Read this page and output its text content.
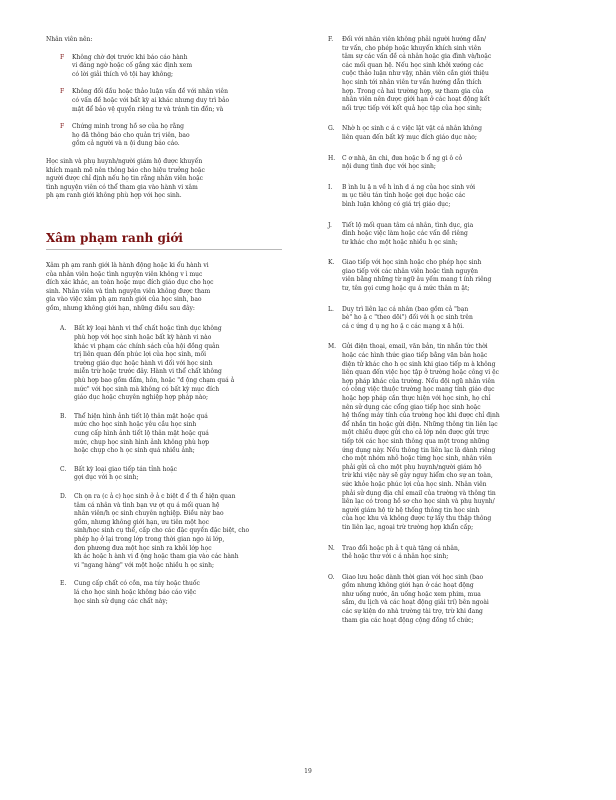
Nhân viên nên:

F	Không chờ đợi trước khi báo cáo hành
vi đáng ngờ hoặc cố gắng xác định xem
có lời giải thích vô tội hay không;

F	Không đối đầu hoặc thảo luận vấn đề với nhân viên
có vấn đề hoặc với bất kỳ ai khác nhưng duy trì bảo
mật để bảo vệ quyền riêng tư và tránh tin đồn; và

F	Chứng minh trong hồ sơ của họ rằng
họ đã thông báo cho quản trị viên, bao
gồm cả người và n ội dung báo cáo.

Học sinh và phụ huynh/người giám hộ được khuyến
khích mạnh mẽ nên thông báo cho hiệu trưởng hoặc
người được chỉ định nếu họ tin rằng nhân viên hoặc
tình nguyện viên có thể tham gia vào hành vi xâm
ph ạm ranh giới không phù hợp với học sinh.

Xâm phạm ranh giới

Xâm ph ạm ranh giới là hành động hoặc ki ểu hành vi
của nhân viên hoặc tình nguyện viên không v ì mục
đích xác khác, an toàn hoặc mục đích giáo dục cho học
sinh. Nhân viên và tình nguyện viên không được tham
gia vào việc xâm ph ạm ranh giới của học sinh, bao
gồm, nhưng không giới hạn, những điều sau đây:

A.	Bất kỳ loại hành vi thể chất hoặc tình dục không
phù hợp với học sinh hoặc bất kỳ hành vi nào
khác vi phạm các chính sách của hội đồng quản
trị liên quan đến phúc lợi của học sinh, mối
trường giáo dục hoặc hành vi đối với học sinh
miễn trừ hoặc trước đây. Hành vi thể chất không
phù hợp bao gồm đấm, hôn, hoặc "đ ộng chạm quá ả
mức" với học sinh mà không có bất kỳ mục đích
giáo dục hoặc chuyên nghiệp hợp pháp nào;

B.	Thể hiện hình ảnh tiết lộ thân mật hoặc quá
mức cho học sinh hoặc yêu cầu học sinh
cung cấp hình ảnh tiết lộ thân mật hoặc quá
mức, chụp học sinh hình ảnh không phù hợp
hoặc chụp cho h ọc sinh quá nhiều ảnh;

C.	Bất kỳ loại giao tiếp tán tỉnh hoặc
gợi dục với h ọc sinh;

D.	Ch ọn ra (c ả c) học sinh ở ả c biệt đ ể th ể hiện quan
tâm cá nhân và tình bạn vư ợt qu á mối quan hệ
nhân viên/h ọc sinh chuyên nghiệp. Điều này bao
gồm, nhưng không giới hạn, ưu tiên một học
sinh/học sinh cụ thể, cấp cho các đặc quyền đặc biệt, cho
phép họ ở lại trong lớp trong thời gian ngo ài lớp,
đơn phương đưa một học sinh ra khỏi lớp học
kh ác hoặc h ành vi đ ộng hoặc tham gia vào các hành
vi "ngang hàng" với một hoặc nhiều h ọc sinh;

E.	Cung cấp chất có cồn, ma túy hoặc thuốc
lá cho học sinh hoặc không báo cáo việc
học sinh sử dụng các chất này;

F.	Đối với nhân viên không phải người hướng dẫn/
tư vấn, cho phép hoặc khuyến khích sinh viên
tâm sự các vấn đề cá nhân hoặc gia đình và/hoặc
các mối quan hệ. Nếu học sinh khởi xướng các
cuộc thảo luận như vậy, nhân viên cần giới thiệu
học sinh tới nhân viên tư vấn hướng dẫn thích
hợp. Trong cả hai trường hợp, sự tham gia của
nhân viên nên được giới hạn ở các hoạt động kết
nối trực tiếp với kết quả học tập của học sinh;

G.	Nhờ h ọc sinh c á c việc lặt vặt cá nhân không
liên quan đến bất kỳ mục đích giáo dục nào;

H.	C ơ nhà, ăn chi, đưa hoặc b ổ ng gi ô cỏ
nội dung tình dục với học sinh;

I.	B ình lu ậ n về h ình d á ng của học sinh với
m ục tiêu tán tỉnh hoặc gợi dục hoặc các
bình luận không có giá trị giáo dục;

J.	Tiết lộ mối quan tâm cá nhân, tình dục, gia
đình hoặc việc làm hoặc các vấn đề riêng
tư khác cho một hoặc nhiều h ọc sinh;

K.	Giao tiếp với học sinh hoặc cho phép học sinh
giao tiếp với các nhân viên hoặc tình nguyện
viên bằng những từ ngữ âu yếm mang t ính riêng
tư, tên gọi cưng hoặc qu á mức thân m ật;

L.	Duy trì liên lạc cá nhân (bao gồm cả "bạn
bè" ho ặ c "theo dõi") đối với h ọc sinh trên
cá c ứng d ụ ng ho ặ c các mạng x ã hội.

M. Gửi điện thoại, email, văn bản, tin nhắn tức thời
hoặc các hình thức giao tiếp bằng văn bản hoặc
điện tử khác cho h ọc sinh khi giao tiếp m à không
liên quan đến việc học tập ở trường hoặc công vi ệc
hợp pháp khác của trường. Nếu đội ngũ nhân viên
có công việc thuộc trường học mang tính giáo dục
hoặc hợp pháp cần thực hiện với học sinh, họ chỉ
nên sử dụng các cổng giao tiếp học sinh hoặc
hệ thống máy tính của trường học khi được chỉ định
để nhắn tin hoặc gửi điện. Những thông tin liên lạc
một chiều được gửi cho cả lớp nên được gửi trực
tiếp tới các học sinh thông qua một trong những
ứng dụng này. Nếu thông tin liên lạc là dành riêng
cho một nhóm nhỏ hoặc từng học sinh, nhân viên
phải gửi cả cho một phụ huynh/người giám hộ
trừ khi việc này sẽ gây nguy hiểm cho sự an toàn,
sức khỏe hoặc phúc lợi của học sinh. Nhân viên
phải sử dụng địa chỉ email của trường và thông tin
liên lạc có trong hồ sơ cho học sinh và phụ huynh/
người giám hộ từ hệ thống thông tin học sinh
của học khu và không được tự lấy thu thập thông
tin liên lạc, ngoại trừ trường hợp khẩn cấp;

N.	Trao đổi hoặc ph ả t quà tặng cá nhân,
thẻ hoặc thư với c á nhân học sinh;

O.	Giao lưu hoặc dành thời gian với học sinh (bao
gồm nhưng không giới hạn ở các hoạt động
như uống nước, ăn uống hoặc xem phim, mua
sắm, du lịch và các hoạt động giải trí) bên ngoài
các sự kiện do nhà trường tài trợ, trừ khi đang
tham gia các hoạt động cộng đồng tổ chức;

19
